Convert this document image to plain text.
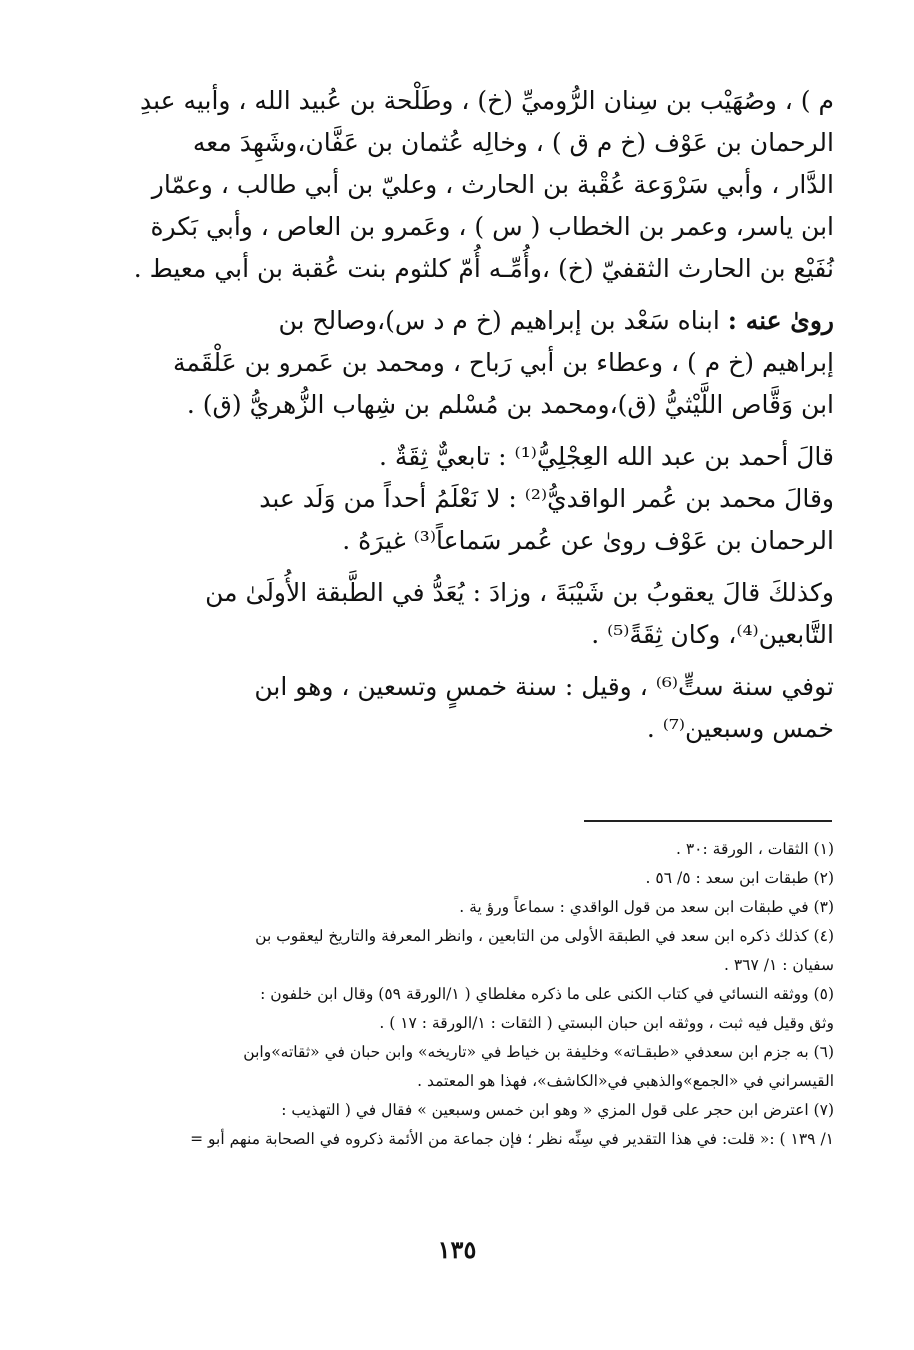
م ) ، وصُهَيْب بن سِنان الرُّوميِّ (خ) ، وطَلْحة بن عُبيد الله ، وأبيه عبدِ
الرحمان بن عَوْف (خ م ق ) ، وخالِه عُثمان بن عَفَّان،وشَهِدَ معه
الدَّار ، وأبي سَرْوَعة عُقْبة بن الحارث ، وعليّ بن أبي طالب ، وعمّار
ابن ياسر، وعمر بن الخطاب ( س ) ، وعَمرو بن العاص ، وأبي بَكرة
نُفَيْع بن الحارث الثقفيّ (خ) ،وأُمِّـه أُمّ كلثوم بنت عُقبة بن أبي معيط .

روىٰ عنه : ابناه سَعْد بن إبراهيم (خ م د س)،وصالح بن
إبراهيم (خ م ) ، وعطاء بن أبي رَباح ، ومحمد بن عَمرو بن عَلْقَمة
ابن وَقَّاص اللَّيْثيُّ (ق)،ومحمد بن مُسْلم بن شِهاب الزُّهريُّ (ق) .

قالَ أحمد بن عبد الله العِجْلِيُّ⁽¹⁾ : تابعيٌّ ثِقَةٌ .

وقالَ محمد بن عُمر الواقديُّ⁽²⁾ : لا نَعْلَمُ أحداً من وَلَد عبد
الرحمان بن عَوْف روىٰ عن عُمر سَماعاً⁽³⁾ غيرَهُ .

وكذلكَ قالَ يعقوبُ بن شَيْبَةَ ، وزادَ : يُعَدُّ في الطَّبقة الأُولَىٰ من
التَّابعين⁽⁴⁾، وكان ثِقَةً⁽⁵⁾ .

توفي سنة ستٍّ⁽⁶⁾ ، وقيل : سنة خمسٍ وتسعين ، وهو ابن
خمس وسبعين⁽⁷⁾ .

(١) الثقات ، الورقة :٣٠ .
(٢) طبقات ابن سعد : ٥/ ٥٦ .
(٣) في طبقات ابن سعد من قول الواقدي : سماعاً ورؤ ية .
(٤) كذلك ذكره ابن سعد في الطبقة الأولى من التابعين ، وانظر المعرفة والتاريخ ليعقوب بن
سفيان : ١/ ٣٦٧ .
(٥) ووثقه النسائي في كتاب الكنى على ما ذكره مغلطاي ( ١/الورقة ٥٩) وقال ابن خلفون :
وثق وقيل فيه ثبت ، ووثقه ابن حبان البستي ( الثقات : ١/الورقة : ١٧ ) .
(٦) به جزم ابن سعدفي «طبقـاته» وخليفة بن خياط في «تاريخه» وابن حبان في «ثقاته»وابن
القيسراني في «الجمع»والذهبي في«الكاشف»، فهذا هو المعتمد .
(٧) اعترض ابن حجر على قول المزي « وهو ابن خمس وسبعين » فقال في ( التهذيب :
١/ ١٣٩ ) :« قلت: في هذا التقدير في سِنِّه نظر ؛ فإن جماعة من الأئمة ذكروه في الصحابة منهم أبو =
١٣٥
